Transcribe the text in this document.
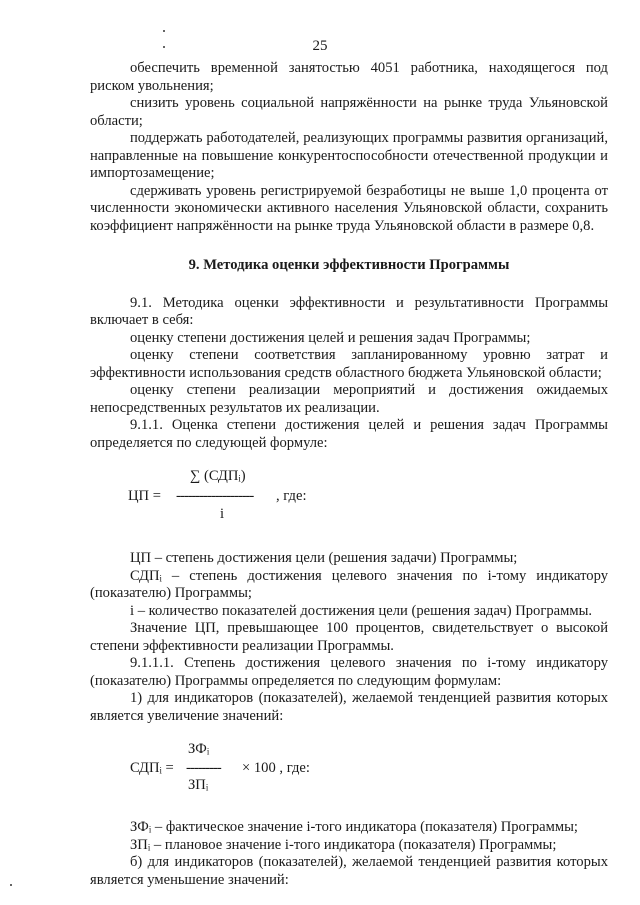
25

обеспечить временной занятостью 4051 работника, находящегося под риском увольнения;

снизить уровень социальной напряжённости на рынке труда Ульяновской области;

поддержать работодателей, реализующих программы развития организаций, направленные на повышение конкурентоспособности отечественной продукции и импортозамещение;

сдерживать уровень регистрируемой безработицы не выше 1,0 процента от численности экономически активного населения Ульяновской области, сохранить коэффициент напряжённости на рынке труда Ульяновской области в размере 0,8.

9. Методика оценки эффективности Программы

9.1. Методика оценки эффективности и результативности Программы включает в себя:

оценку степени достижения целей и решения задач Программы;

оценку степени соответствия запланированному уровню затрат и эффективности использования средств областного бюджета Ульяновской области;

оценку степени реализации мероприятий и достижения ожидаемых непосредственных результатов их реализации.

9.1.1. Оценка степени достижения целей и решения задач Программы определяется по следующей формуле:

ЦП =
∑ (СДПᵢ)
-------------------- , где:
i

ЦП – степень достижения цели (решения задачи) Программы;

СДПᵢ – степень достижения целевого значения по i-тому индикатору (показателю) Программы;

i – количество показателей достижения цели (решения задач) Программы.

Значение ЦП, превышающее 100 процентов, свидетельствует о высокой степени эффективности реализации Программы.

9.1.1.1. Степень достижения целевого значения по i-тому индикатору (показателю) Программы определяется по следующим формулам:

1) для индикаторов (показателей), желаемой тенденцией развития которых является увеличение значений:

СДПᵢ =
ЗФᵢ
--------- × 100 , где:
ЗПᵢ

ЗФᵢ – фактическое значение i-того индикатора (показателя) Программы;

ЗПᵢ – плановое значение i-того индикатора (показателя) Программы;

б) для индикаторов (показателей), желаемой тенденцией развития которых является уменьшение значений:
